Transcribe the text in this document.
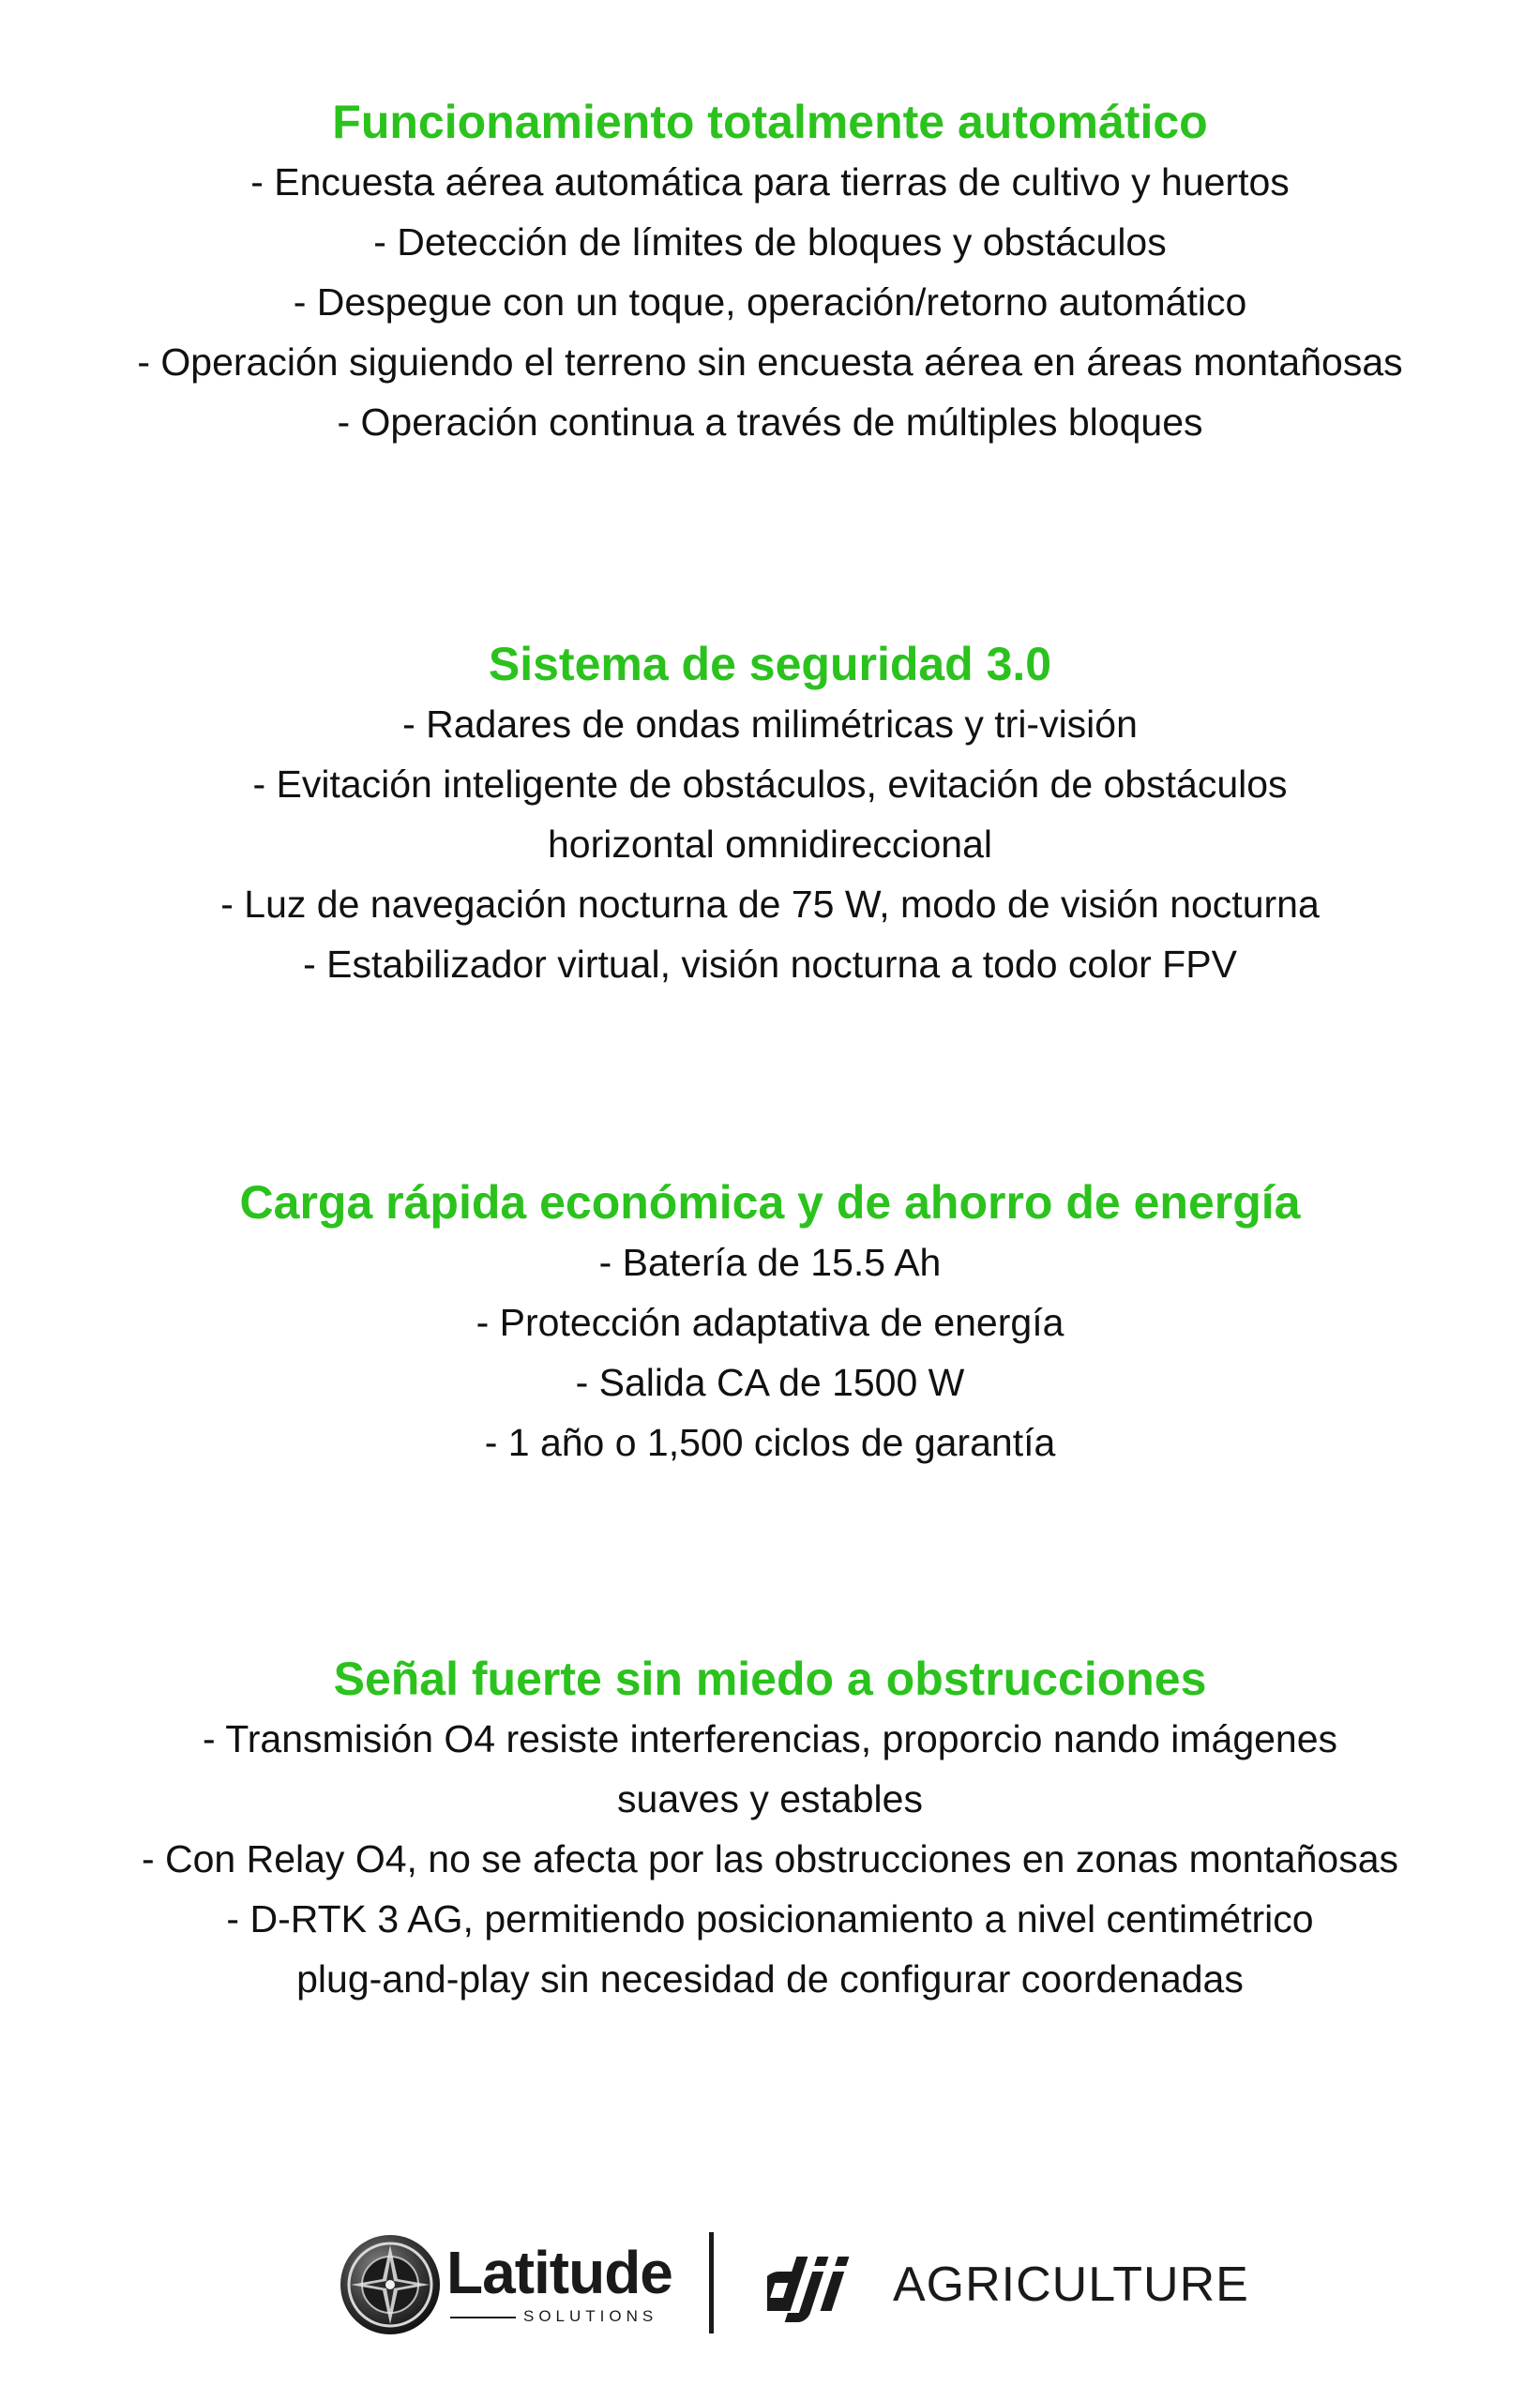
Funcionamiento totalmente automático

- Encuesta aérea automática para tierras de cultivo y huertos

- Detección de límites de bloques y obstáculos

- Despegue con un toque, operación/retorno automático

- Operación siguiendo el terreno sin encuesta aérea en áreas montañosas

- Operación continua a través de múltiples bloques

Sistema de seguridad 3.0

- Radares de ondas milimétricas y tri-visión

- Evitación inteligente de obstáculos, evitación de obstáculos

horizontal omnidireccional

- Luz de navegación nocturna de 75 W, modo de visión nocturna

- Estabilizador virtual, visión nocturna a todo color FPV

Carga rápida económica y de ahorro de energía

- Batería de 15.5 Ah

- Protección adaptativa de energía

- Salida CA de 1500 W

- 1 año o 1,500 ciclos de garantía

Señal fuerte sin miedo a obstrucciones

- Transmisión O4 resiste interferencias, proporcio nando imágenes

suaves y estables

- Con Relay O4, no se afecta por las obstrucciones en zonas montañosas

- D-RTK 3 AG, permitiendo posicionamiento a nivel centimétrico

plug-and-play sin necesidad de configurar coordenadas

Latitude
SOLUTIONS
dji
AGRICULTURE
